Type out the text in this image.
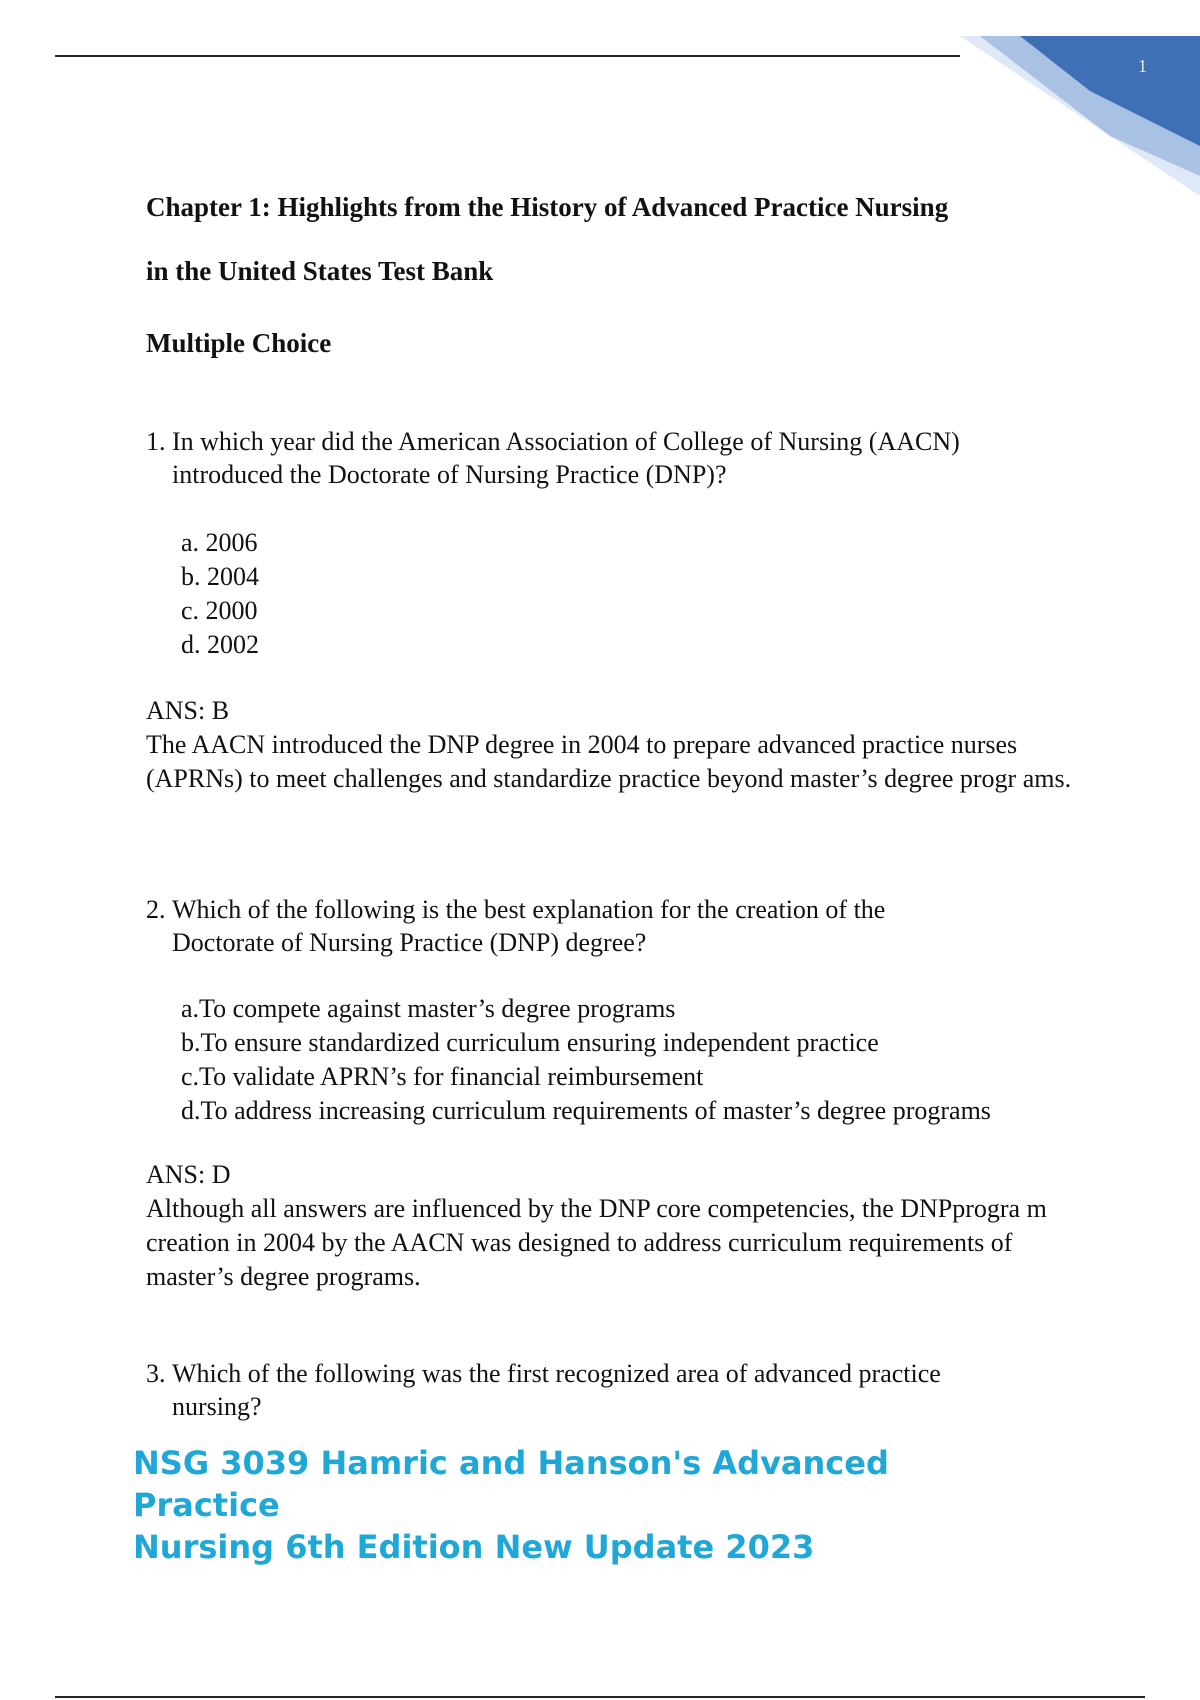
1
Chapter 1: Highlights from the History of Advanced Practice Nursing
in the United States Test Bank
Multiple Choice

1. In which year did the American Association of College of Nursing (AACN) introduced the Doctorate of Nursing Practice (DNP)?

a. 2006
b. 2004
c. 2000
d. 2002
ANS: B
The AACN introduced the DNP degree in 2004 to prepare advanced practice nurses (APRNs) to meet challenges and standardize practice beyond master’s degree progr ams.

2. Which of the following is the best explanation for the creation of the Doctorate of Nursing Practice (DNP) degree?

a.To compete against master’s degree programs
b.To ensure standardized curriculum ensuring independent practice
c.To validate APRN’s for financial reimbursement
d.To address increasing curriculum requirements of master’s degree programs
ANS: D
Although all answers are influenced by the DNP core competencies, the DNPprogra m creation in 2004 by the AACN was designed to address curriculum requirements of master’s degree programs.

3. Which of the following was the first recognized area of advanced practice nursing?

NSG 3039 Hamric and Hanson's Advanced Practice
Nursing 6th Edition New Update 2023
